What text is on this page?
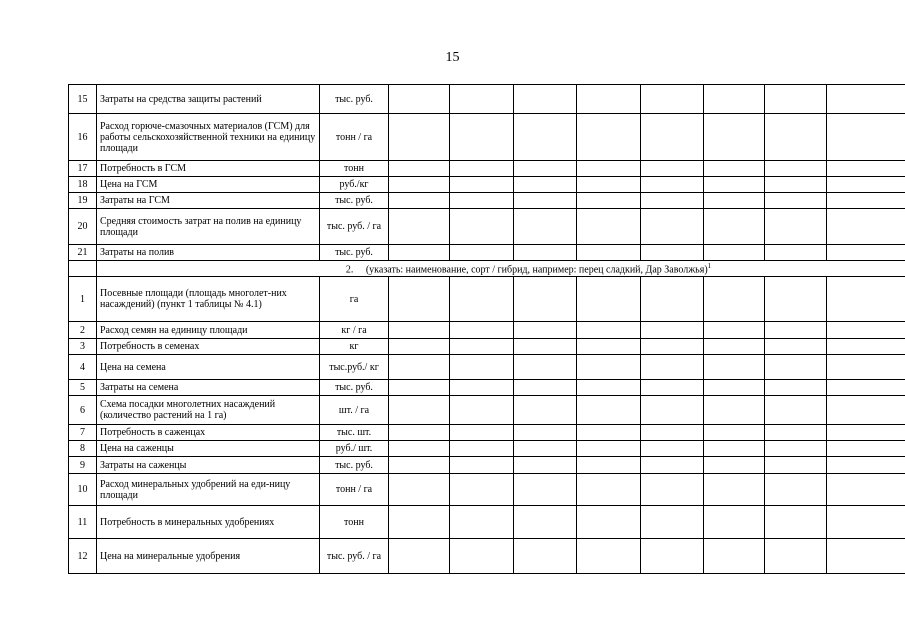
15
15	Затраты на средства защиты растений	тыс. руб.								
16	Расход горюче-смазочных материалов (ГСМ) для работы сельскохозяйственной техники на единицу площади	тонн / га								
17	Потребность в ГСМ	тонн								
18	Цена на ГСМ	руб./кг								
19	Затраты на ГСМ	тыс. руб.								
20	Средняя стоимость затрат на полив на единицу площади	тыс. руб. / га								
21	Затраты на полив	тыс. руб.								
	2. (указать: наименование, сорт / гибрид, например: перец сладкий, Дар Заволжья)$^1$
1	Посевные площади (площадь многолет-них насаждений) (пункт 1 таблицы № 4.1)	га								
2	Расход семян на единицу площади	кг / га								
3	Потребность в семенах	кг								
4	Цена на семена	тыс.руб./ кг								
5	Затраты на семена	тыс. руб.								
6	Схема посадки многолетних насаждений (количество растений на 1 га)	шт. / га								
7	Потребность в саженцах	тыс. шт.								
8	Цена на саженцы	руб./ шт.								
9	Затраты на саженцы	тыс. руб.								
10	Расход минеральных удобрений на еди-ницу площади	тонн / га								
11	Потребность в минеральных удобрениях	тонн								
12	Цена на минеральные удобрения	тыс. руб. / га								
